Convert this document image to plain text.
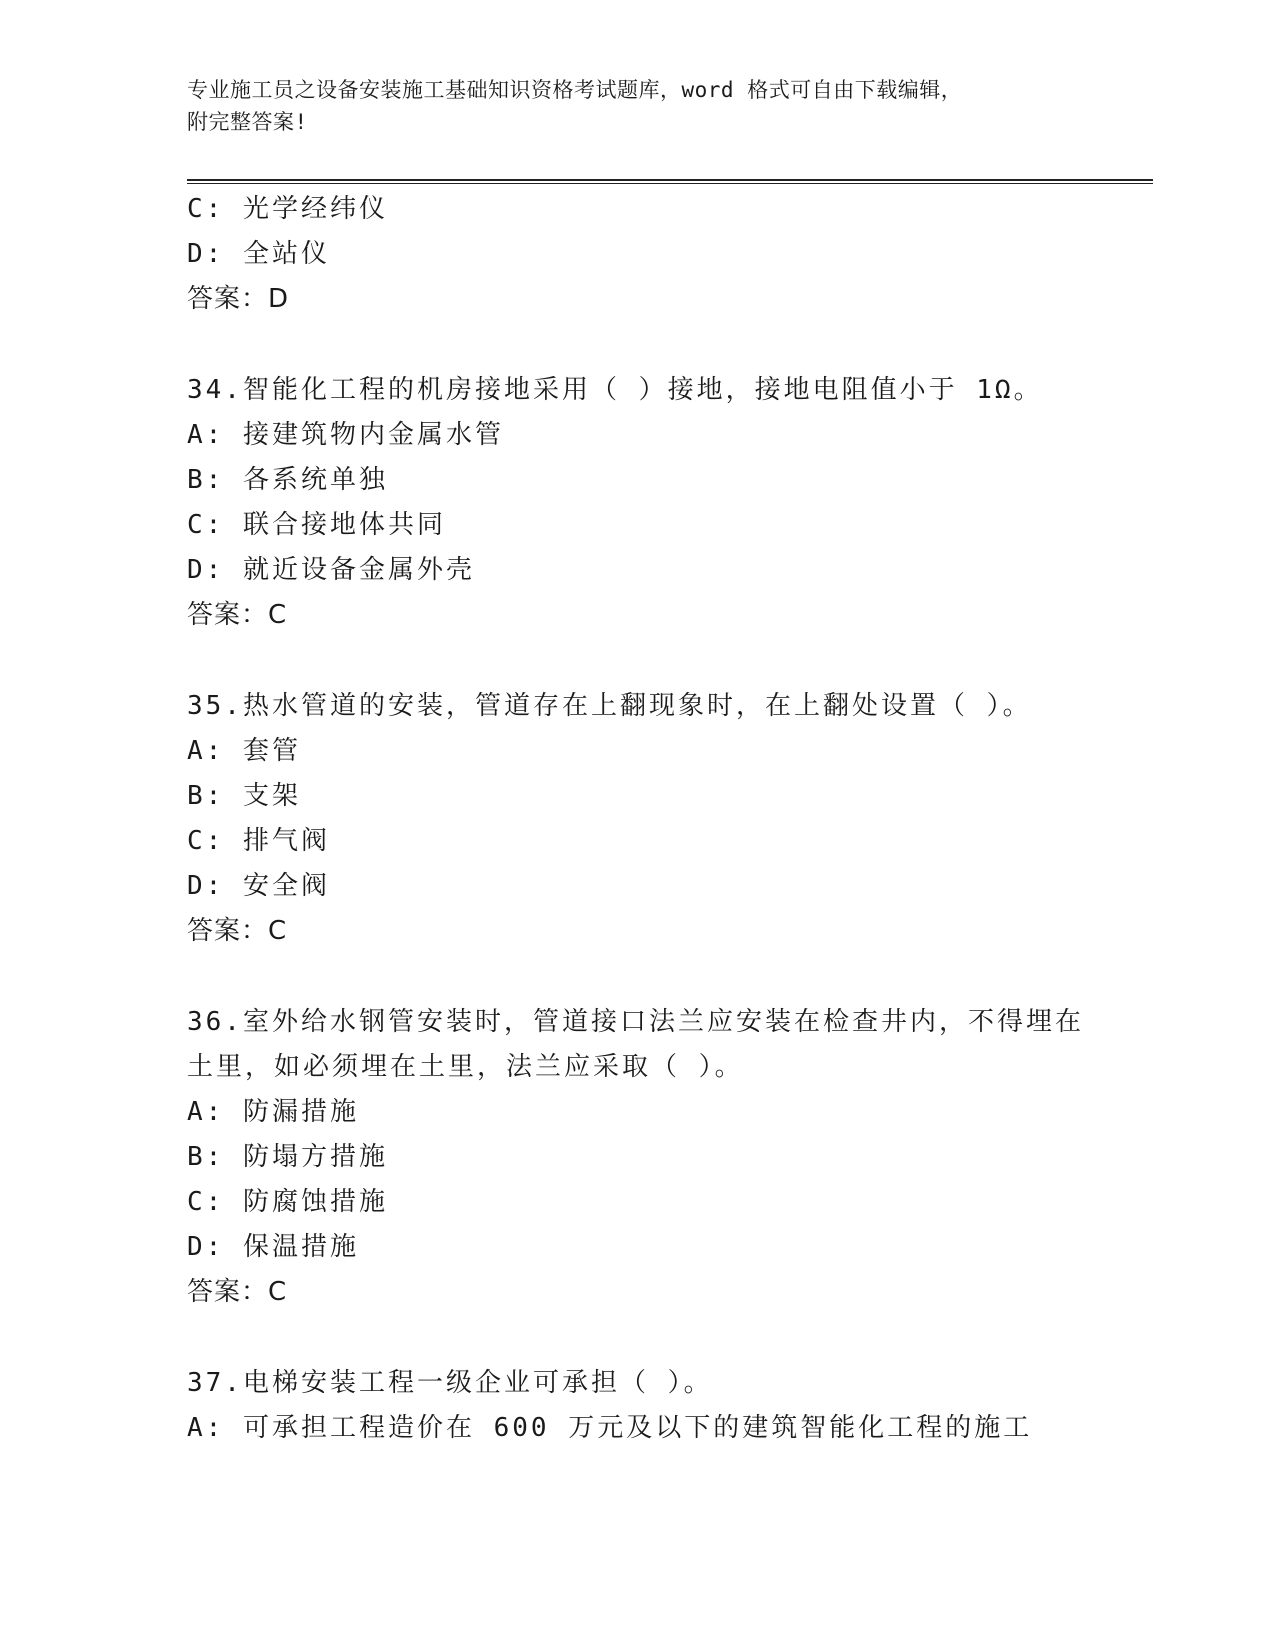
专业施工员之设备安装施工基础知识资格考试题库，word 格式可自由下载编辑，
附完整答案!
C: 光学经纬仪
D: 全站仪
答案：D
34.智能化工程的机房接地采用（ ）接地，接地电阻值小于 1Ω。
A: 接建筑物内金属水管
B: 各系统单独
C: 联合接地体共同
D: 就近设备金属外壳
答案：C
35.热水管道的安装，管道存在上翻现象时，在上翻处设置（ ）。
A: 套管
B: 支架
C: 排气阀
D: 安全阀
答案：C
36.室外给水钢管安装时，管道接口法兰应安装在检查井内，不得埋在
土里，如必须埋在土里，法兰应采取（ ）。
A: 防漏措施
B: 防塌方措施
C: 防腐蚀措施
D: 保温措施
答案：C
37.电梯安装工程一级企业可承担（ ）。
A: 可承担工程造价在 600 万元及以下的建筑智能化工程的施工
